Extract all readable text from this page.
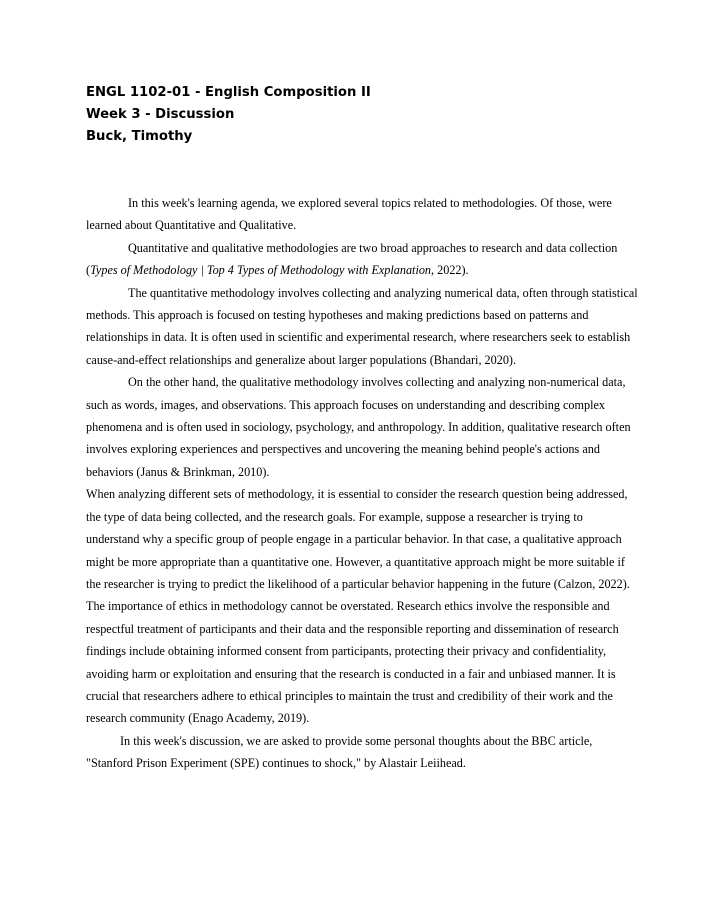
ENGL 1102-01 - English Composition II
Week 3 - Discussion
Buck, Timothy

In this week's learning agenda, we explored several topics related to methodologies. Of those, were learned about Quantitative and Qualitative.

Quantitative and qualitative methodologies are two broad approaches to research and data collection (Types of Methodology | Top 4 Types of Methodology with Explanation, 2022).

The quantitative methodology involves collecting and analyzing numerical data, often through statistical methods. This approach is focused on testing hypotheses and making predictions based on patterns and relationships in data. It is often used in scientific and experimental research, where researchers seek to establish cause-and-effect relationships and generalize about larger populations (Bhandari, 2020).

On the other hand, the qualitative methodology involves collecting and analyzing non-numerical data, such as words, images, and observations. This approach focuses on understanding and describing complex phenomena and is often used in sociology, psychology, and anthropology. In addition, qualitative research often involves exploring experiences and perspectives and uncovering the meaning behind people's actions and behaviors (Janus & Brinkman, 2010).

When analyzing different sets of methodology, it is essential to consider the research question being addressed, the type of data being collected, and the research goals. For example, suppose a researcher is trying to understand why a specific group of people engage in a particular behavior. In that case, a qualitative approach might be more appropriate than a quantitative one. However, a quantitative approach might be more suitable if the researcher is trying to predict the likelihood of a particular behavior happening in the future (Calzon, 2022).

The importance of ethics in methodology cannot be overstated. Research ethics involve the responsible and respectful treatment of participants and their data and the responsible reporting and dissemination of research findings include obtaining informed consent from participants, protecting their privacy and confidentiality, avoiding harm or exploitation and ensuring that the research is conducted in a fair and unbiased manner. It is crucial that researchers adhere to ethical principles to maintain the trust and credibility of their work and the research community (Enago Academy, 2019).

In this week's discussion, we are asked to provide some personal thoughts about the BBC article, "Stanford Prison Experiment (SPE) continues to shock," by Alastair Leiihead.
